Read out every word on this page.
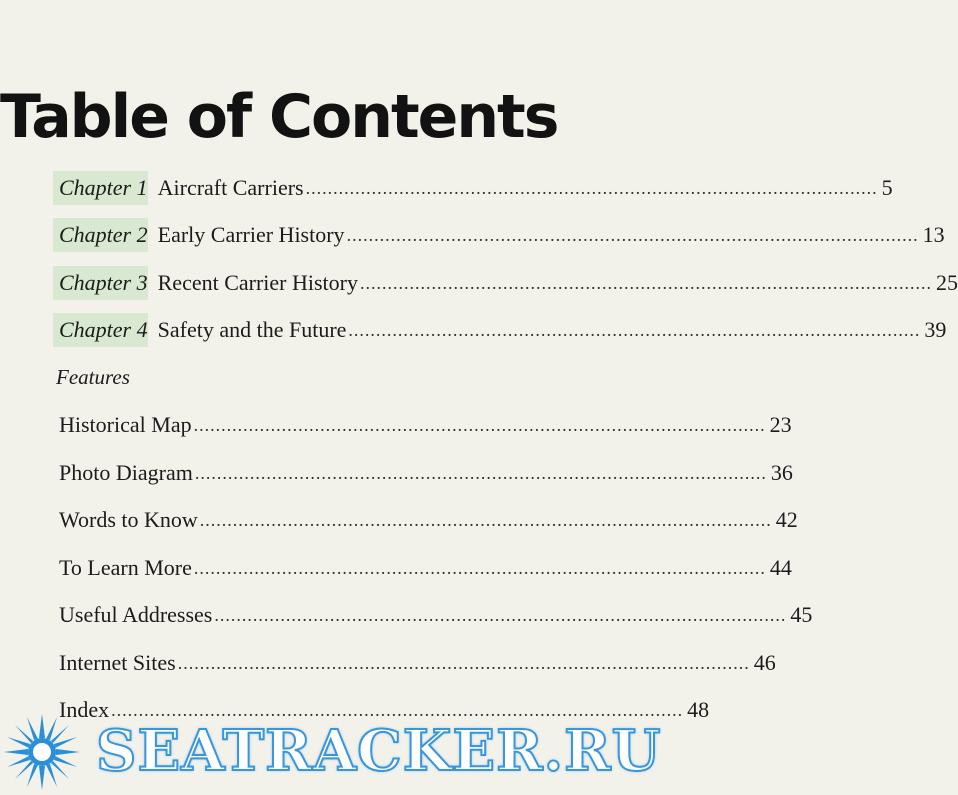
Table of Contents
Chapter 1 Aircraft Carriers ........................................................................................................ 5
Chapter 2 Early Carrier History ........................................................................................................ 13
Chapter 3 Recent Carrier History ........................................................................................................ 25
Chapter 4 Safety and the Future ........................................................................................................ 39
Features
Historical Map ........................................................................................................ 23
Photo Diagram ........................................................................................................ 36
Words to Know ........................................................................................................ 42
To Learn More ........................................................................................................ 44
Useful Addresses ........................................................................................................ 45
Internet Sites ........................................................................................................ 46
Index ........................................................................................................ 48
SEATRACKER.RU
